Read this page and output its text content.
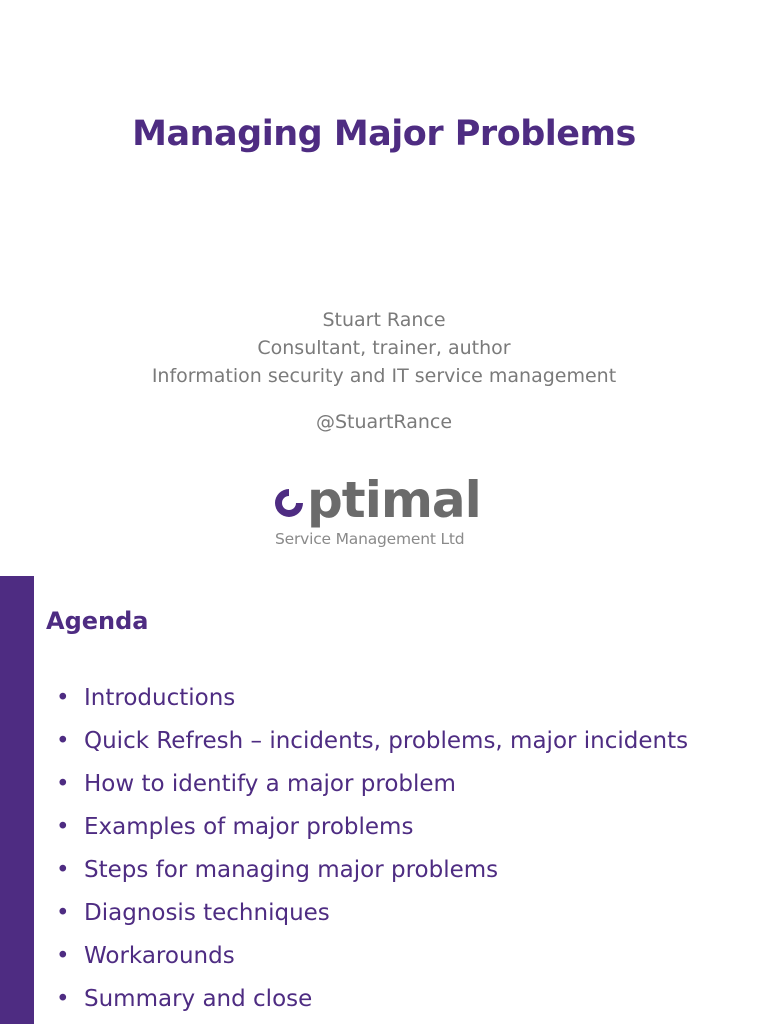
Managing Major Problems
Stuart Rance
Consultant, trainer, author
Information security and IT service management
@StuartRance
ptimal
Service Management Ltd
Agenda
• Introductions
• Quick Refresh – incidents, problems, major incidents
• How to identify a major problem
• Examples of major problems
• Steps for managing major problems
• Diagnosis techniques
• Workarounds
• Summary and close
